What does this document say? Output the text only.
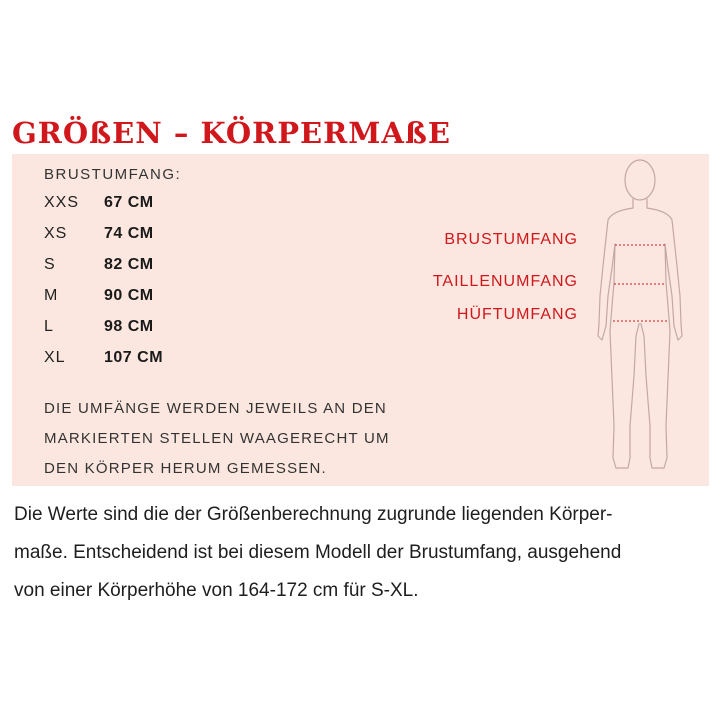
GRÖßEN – KÖRPERMAßE
BRUSTUMFANG:
XXS 67 CM
XS 74 CM
S	82 CM
M	90 CM
L	98 CM
XL 107 CM
DIE UMFÄNGE WERDEN JEWEILS AN DEN
MARKIERTEN STELLEN WAAGERECHT UM
DEN KÖRPER HERUM GEMESSEN.
BRUSTUMFANG
TAILLENUMFANG
HÜFTUMFANG
Die Werte sind die der Größenberechnung zugrunde liegenden Körper-
maße. Entscheidend ist bei diesem Modell der Brustumfang, ausgehend
von einer Körperhöhe von 164-172 cm für S-XL.
